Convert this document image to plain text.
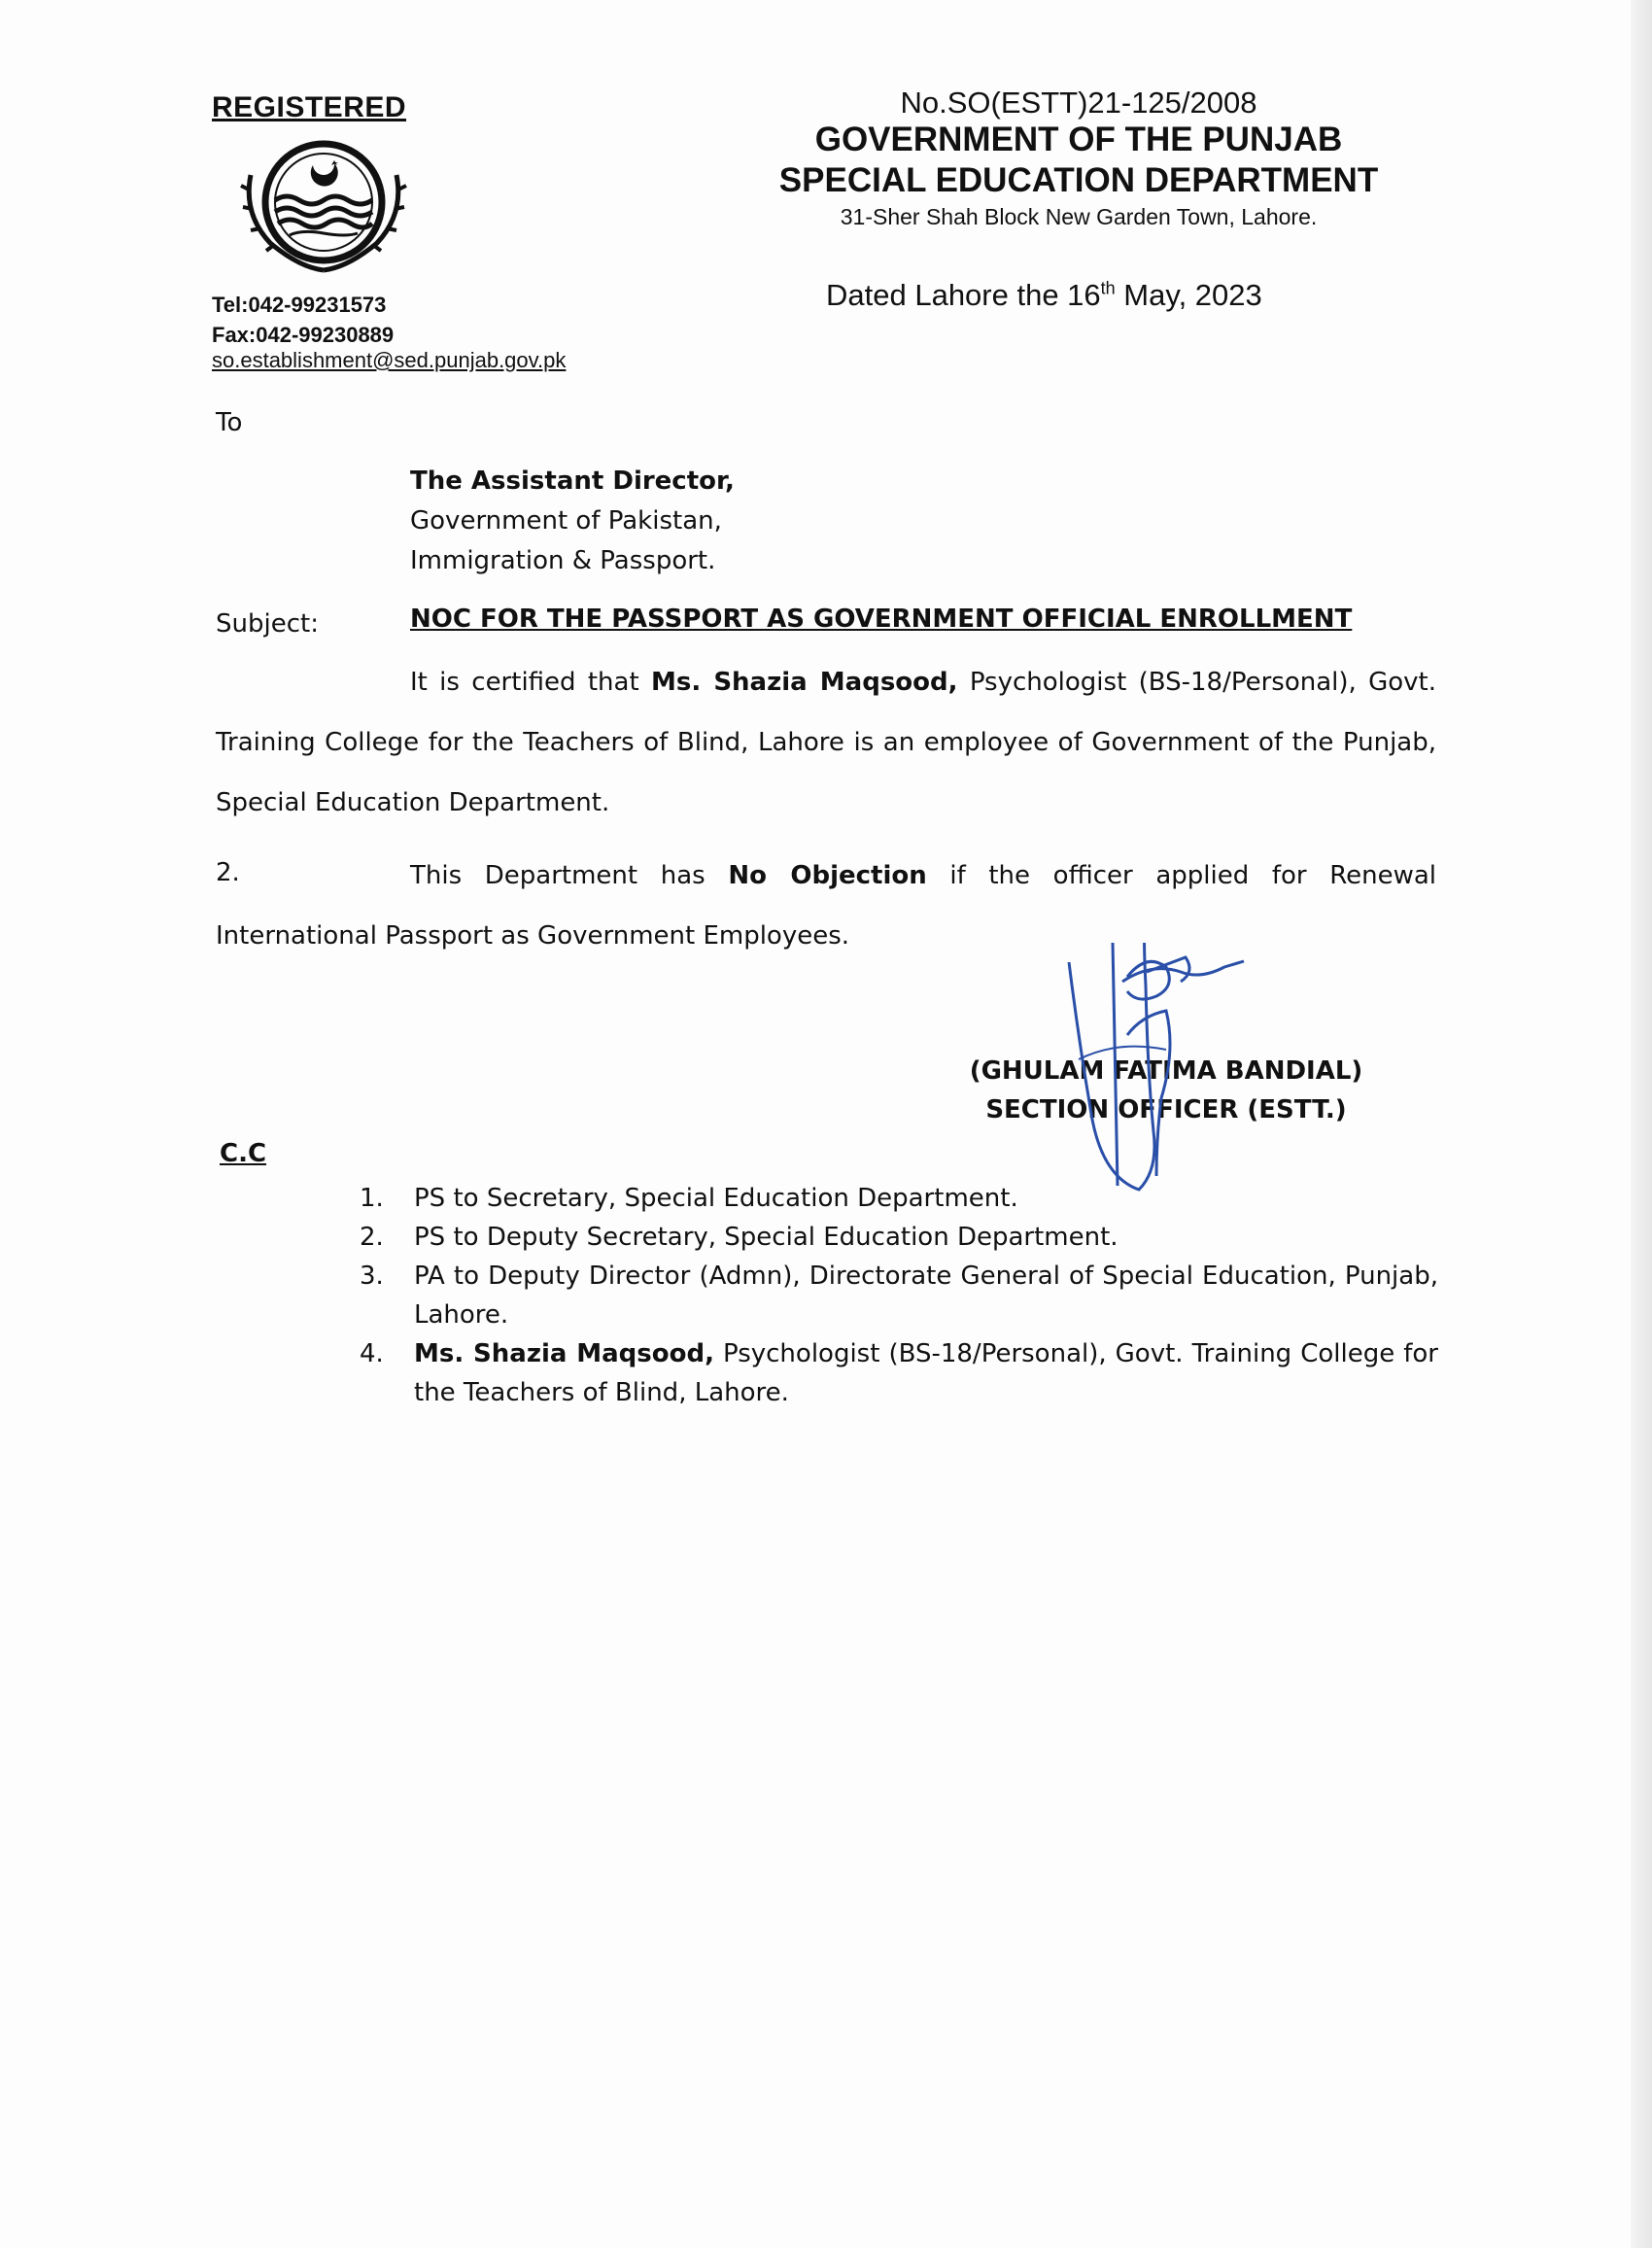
REGISTERED
Tel:042-99231573
Fax:042-99230889
so.establishment@sed.punjab.gov.pk
No.SO(ESTT)21-125/2008
GOVERNMENT OF THE PUNJAB
SPECIAL EDUCATION DEPARTMENT
31-Sher Shah Block New Garden Town, Lahore.
Dated Lahore the 16th May, 2023
To
The Assistant Director,
Government of Pakistan,
Immigration & Passport.
Subject:	NOC FOR THE PASSPORT AS GOVERNMENT OFFICIAL ENROLLMENT
It is certified that Ms. Shazia Maqsood, Psychologist (BS-18/Personal), Govt. Training College for the Teachers of Blind, Lahore is an employee of Government of the Punjab, Special Education Department.
2.	This Department has No Objection if the officer applied for Renewal International Passport as Government Employees.
(GHULAM FATIMA BANDIAL)
SECTION OFFICER (ESTT.)
C.C
1. PS to Secretary, Special Education Department.
2. PS to Deputy Secretary, Special Education Department.
3. PA to Deputy Director (Admn), Directorate General of Special Education, Punjab, Lahore.
4. Ms. Shazia Maqsood, Psychologist (BS-18/Personal), Govt. Training College for the Teachers of Blind, Lahore.
